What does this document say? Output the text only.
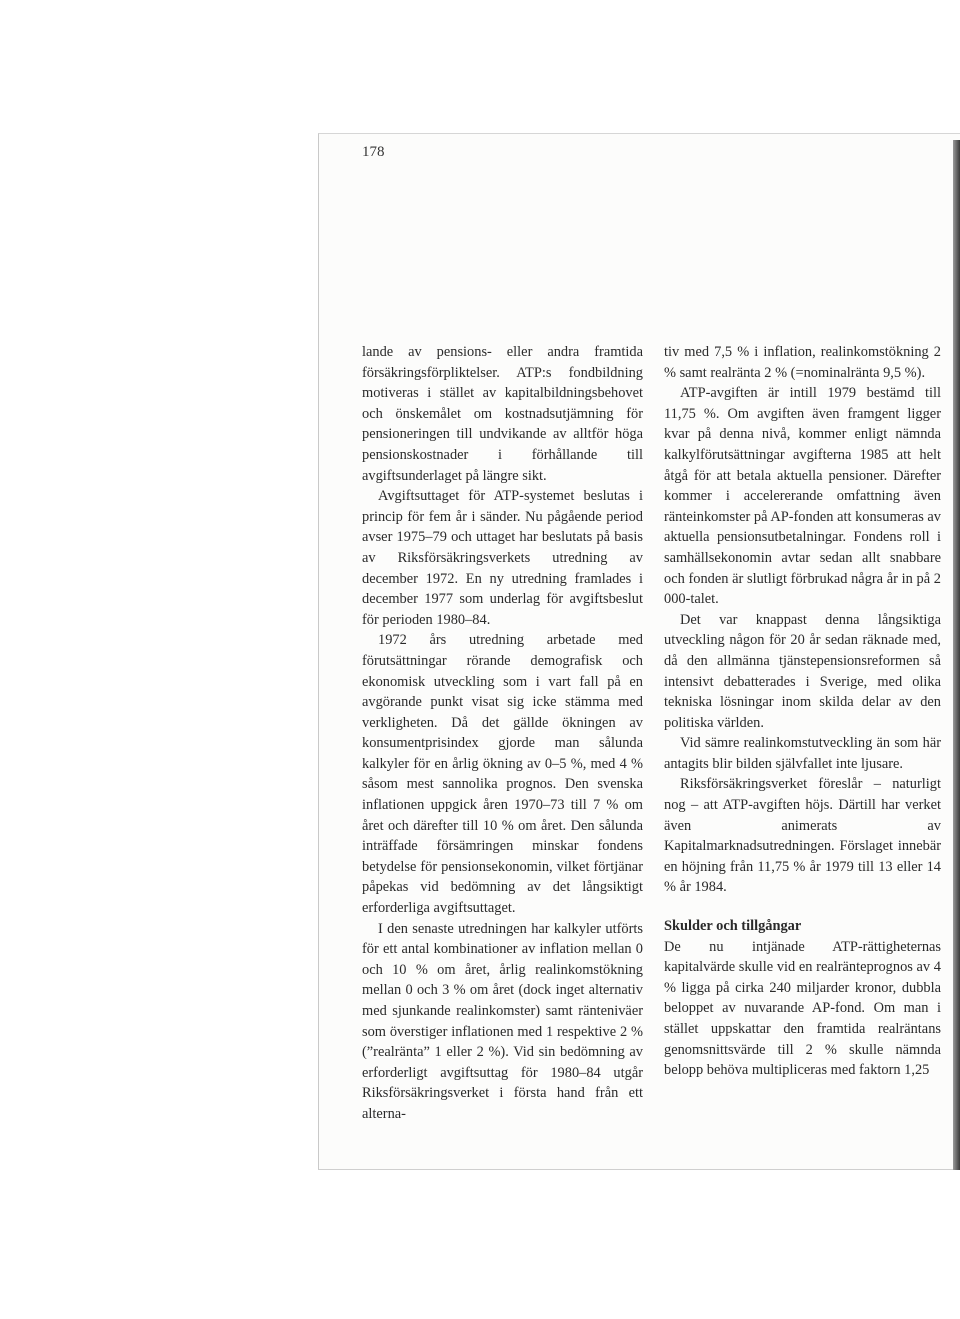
178

lande av pensions- eller andra framtida försäkringsförpliktelser. ATP:s fondbildning motiveras i stället av kapitalbildningsbehovet och önskemålet om kostnadsutjämning för pensioneringen till undvikande av alltför höga pensionskostnader i förhållande till avgiftsunderlaget på längre sikt.

Avgiftsuttaget för ATP-systemet beslutas i princip för fem år i sänder. Nu pågående period avser 1975–79 och uttaget har beslutats på basis av Riksförsäkringsverkets utredning av december 1972. En ny utredning framlades i december 1977 som underlag för avgiftsbeslut för perioden 1980–84.

1972 års utredning arbetade med förutsättningar rörande demografisk och ekonomisk utveckling som i vart fall på en avgörande punkt visat sig icke stämma med verkligheten. Då det gällde ökningen av konsumentprisindex gjorde man sålunda kalkyler för en årlig ökning av 0–5 %, med 4 % såsom mest sannolika prognos. Den svenska inflationen uppgick åren 1970–73 till 7 % om året och därefter till 10 % om året. Den sålunda inträffade försämringen minskar fondens betydelse för pensionsekonomin, vilket förtjänar påpekas vid bedömning av det långsiktigt erforderliga avgiftsuttaget.

I den senaste utredningen har kalkyler utförts för ett antal kombinationer av inflation mellan 0 och 10 % om året, årlig realinkomstökning mellan 0 och 3 % om året (dock inget alternativ med sjunkande realinkomster) samt ränteniväer som överstiger inflationen med 1 respektive 2 % (”realränta” 1 eller 2 %). Vid sin bedömning av erforderligt avgiftsuttag för 1980–84 utgår Riksförsäkringsverket i första hand från ett alterna-

tiv med 7,5 % i inflation, realinkomstökning 2 % samt realränta 2 % (=nominalränta 9,5 %).

ATP-avgiften är intill 1979 bestämd till 11,75 %. Om avgiften även framgent ligger kvar på denna nivå, kommer enligt nämnda kalkylförutsättningar avgifterna 1985 att helt åtgå för att betala aktuella pensioner. Därefter kommer i accelererande omfattning även ränteinkomster på AP-fonden att konsumeras av aktuella pensionsutbetalningar. Fondens roll i samhällsekonomin avtar sedan allt snabbare och fonden är slutligt förbrukad några år in på 2 000-talet.

Det var knappast denna långsiktiga utveckling någon för 20 år sedan räknade med, då den allmänna tjänstepensionsreformen så intensivt debatterades i Sverige, med olika tekniska lösningar inom skilda delar av den politiska världen.

Vid sämre realinkomstutveckling än som här antagits blir bilden självfallet inte ljusare.

Riksförsäkringsverket föreslår – naturligt nog – att ATP-avgiften höjs. Därtill har verket även animerats av Kapitalmarknadsutredningen. Förslaget innebär en höjning från 11,75 % år 1979 till 13 eller 14 % år 1984.

Skulder och tillgångar

De nu intjänade ATP-rättigheternas kapitalvärde skulle vid en realränteprognos av 4 % ligga på cirka 240 miljarder kronor, dubbla beloppet av nuvarande AP-fond. Om man i stället uppskattar den framtida realräntans genomsnittsvärde till 2 % skulle nämnda belopp behöva multipliceras med faktorn 1,25
